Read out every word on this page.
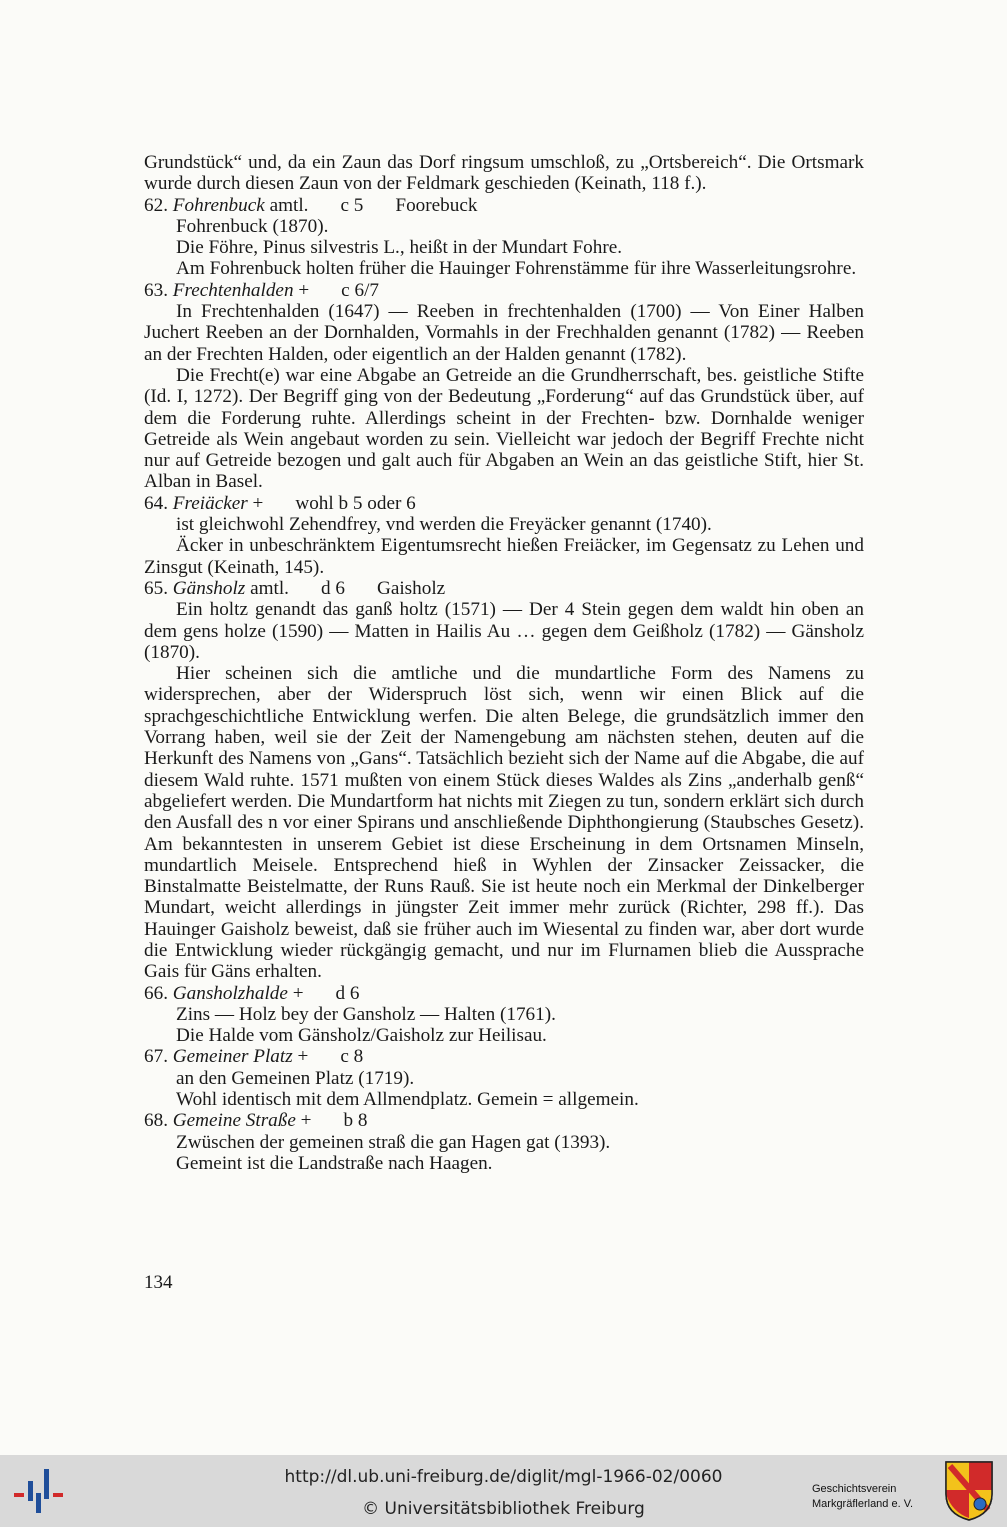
Grundstück“ und, da ein Zaun das Dorf ringsum umschloß, zu „Ortsbereich“. Die Ortsmark wurde durch diesen Zaun von der Feldmark geschieden (Keinath, 118 f.).

62. Fohrenbuck amtl. c 5 Foorebuck

Fohrenbuck (1870).

Die Föhre, Pinus silvestris L., heißt in der Mundart Fohre.

Am Fohrenbuck holten früher die Hauinger Fohrenstämme für ihre Wasserleitungsrohre.

63. Frechtenhalden + c 6/7

In Frechtenhalden (1647) — Reeben in frechtenhalden (1700) — Von Einer Halben Juchert Reeben an der Dornhalden, Vormahls in der Frechhalden genannt (1782) — Reeben an der Frechten Halden, oder eigentlich an der Halden genannt (1782).

Die Frecht(e) war eine Abgabe an Getreide an die Grundherrschaft, bes. geistliche Stifte (Id. I, 1272). Der Begriff ging von der Bedeutung „Forderung“ auf das Grundstück über, auf dem die Forderung ruhte. Allerdings scheint in der Frechten- bzw. Dornhalde weniger Getreide als Wein angebaut worden zu sein. Vielleicht war jedoch der Begriff Frechte nicht nur auf Getreide bezogen und galt auch für Abgaben an Wein an das geistliche Stift, hier St. Alban in Basel.

64. Freiäcker + wohl b 5 oder 6

ist gleichwohl Zehendfrey, vnd werden die Freyäcker genannt (1740).

Äcker in unbeschränktem Eigentumsrecht hießen Freiäcker, im Gegensatz zu Lehen und Zinsgut (Keinath, 145).

65. Gänsholz amtl. d 6 Gaisholz

Ein holtz genandt das ganß holtz (1571) — Der 4 Stein gegen dem waldt hin oben an dem gens holze (1590) — Matten in Hailis Au … gegen dem Geißholz (1782) — Gänsholz (1870).

Hier scheinen sich die amtliche und die mundartliche Form des Namens zu widersprechen, aber der Widerspruch löst sich, wenn wir einen Blick auf die sprachgeschichtliche Entwicklung werfen. Die alten Belege, die grundsätzlich immer den Vorrang haben, weil sie der Zeit der Namengebung am nächsten stehen, deuten auf die Herkunft des Namens von „Gans“. Tatsächlich bezieht sich der Name auf die Abgabe, die auf diesem Wald ruhte. 1571 mußten von einem Stück dieses Waldes als Zins „anderhalb genß“ abgeliefert werden. Die Mundartform hat nichts mit Ziegen zu tun, sondern erklärt sich durch den Ausfall des n vor einer Spirans und anschließende Diphthongierung (Staubsches Gesetz). Am bekanntesten in unserem Gebiet ist diese Erscheinung in dem Ortsnamen Minseln, mundartlich Meisele. Entsprechend hieß in Wyhlen der Zinsacker Zeissacker, die Binstalmatte Beistelmatte, der Runs Rauß. Sie ist heute noch ein Merkmal der Dinkelberger Mundart, weicht allerdings in jüngster Zeit immer mehr zurück (Richter, 298 ff.). Das Hauinger Gaisholz beweist, daß sie früher auch im Wiesental zu finden war, aber dort wurde die Entwicklung wieder rückgängig gemacht, und nur im Flurnamen blieb die Aussprache Gais für Gäns erhalten.

66. Gansholzhalde + d 6

Zins — Holz bey der Gansholz — Halten (1761).

Die Halde vom Gänsholz/Gaisholz zur Heilisau.

67. Gemeiner Platz + c 8

an den Gemeinen Platz (1719).

Wohl identisch mit dem Allmendplatz. Gemein = allgemein.

68. Gemeine Straße + b 8

Zwüschen der gemeinen straß die gan Hagen gat (1393).

Gemeint ist die Landstraße nach Haagen.

134
http://dl.ub.uni-freiburg.de/diglit/mgl-1966-02/0060
© Universitätsbibliothek Freiburg
Geschichtsverein
Markgräflerland e. V.
